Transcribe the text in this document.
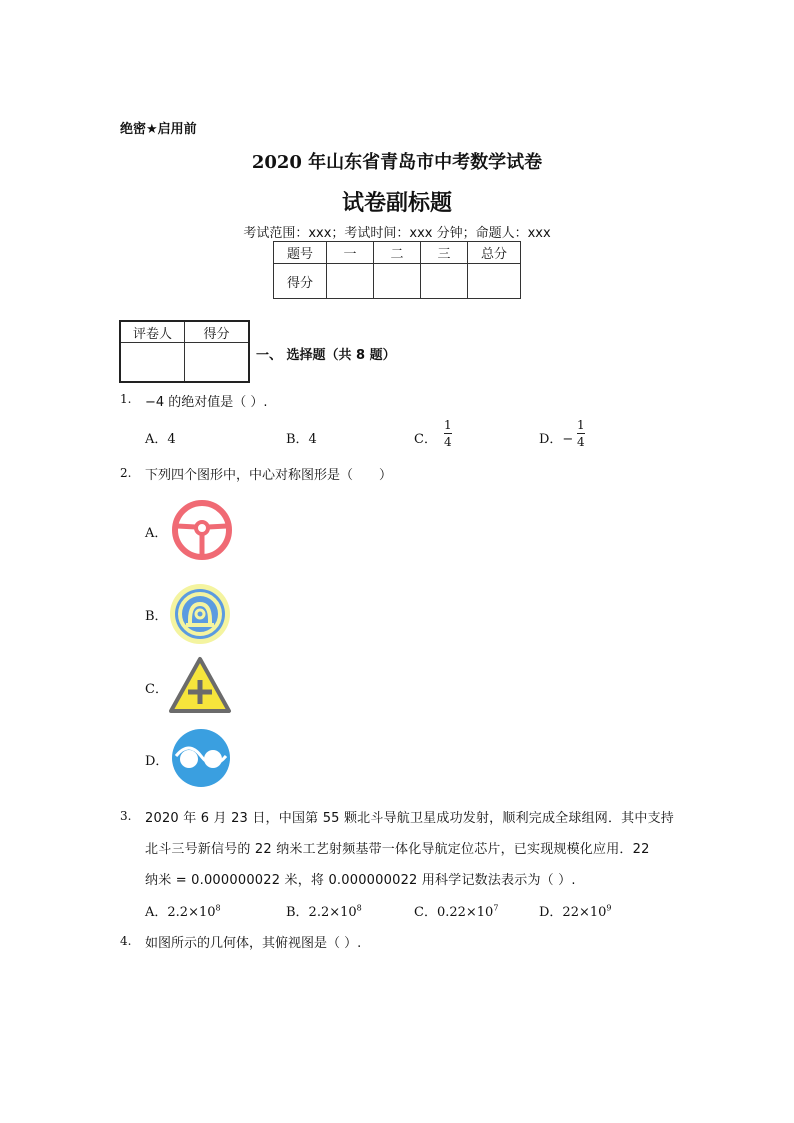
绝密★启用前
2020 年山东省青岛市中考数学试卷
试卷副标题
考试范围：xxx；考试时间：xxx 分钟；命题人：xxx
题号	一	二	三	总分
得分				
评卷人	得分

一、 选择题（共 8 题）
1. −4 的绝对值是（ ）.
A．4	B．4	C．
1
4	D．−
1
4
2. 下列四个图形中，中心对称图形是（　　）
A．
B．
C．
D．
3. 2020 年 6 月 23 日，中国第 55 颗北斗导航卫星成功发射，顺利完成全球组网．其中支持
北斗三号新信号的 22 纳米工艺射频基带一体化导航定位芯片，已实现规模化应用．22
纳米 = 0.000000022 米，将 0.000000022 用科学记数法表示为（ ）.
A．$2.2\times 10^8$	B．$2.2\times 10^8$	C．$0.22\times 10^7$	D．$22\times 10^9$
4. 如图所示的几何体，其俯视图是（ ）.
